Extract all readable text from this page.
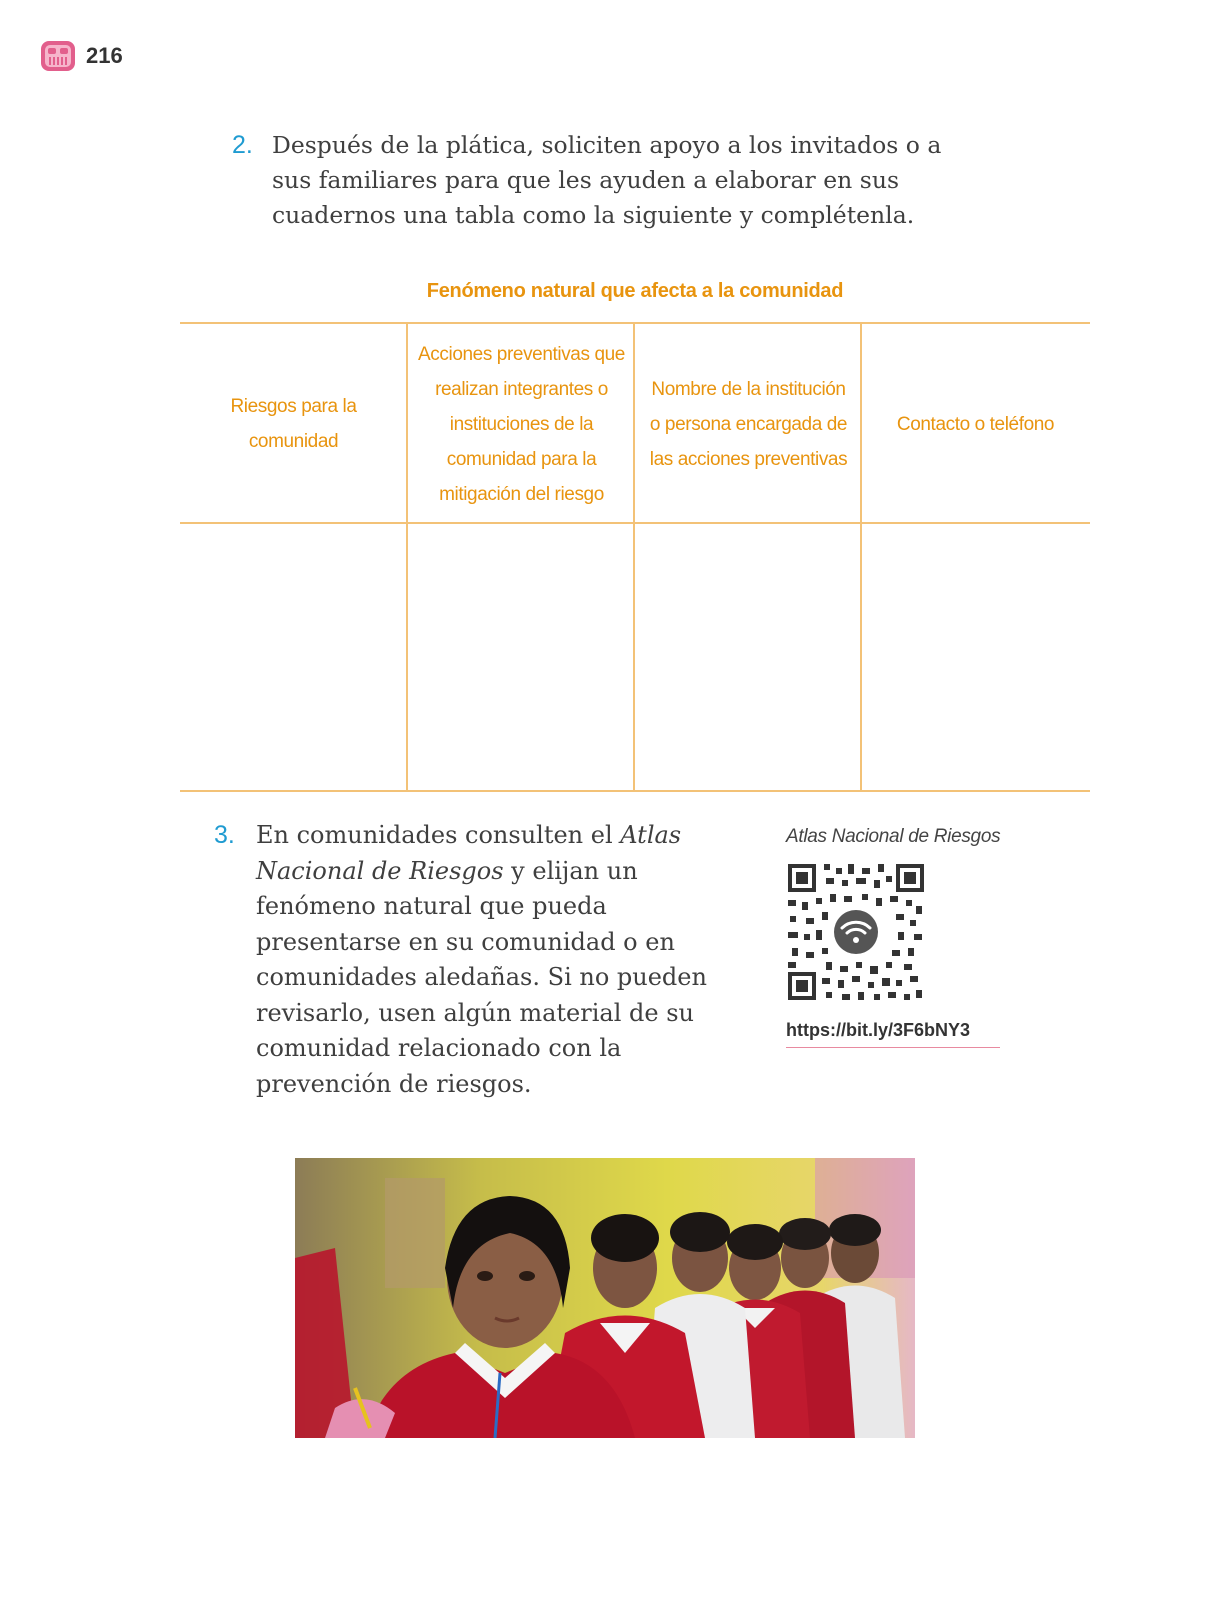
216
2. Después de la plática, soliciten apoyo a los invitados o a sus familiares para que les ayuden a elaborar en sus cuadernos una tabla como la siguiente y complétenla.
Fenómeno natural que afecta a la comunidad
Riesgos para la comunidad
Acciones preventivas que realizan integrantes o instituciones de la comunidad para la mitigación del riesgo
Nombre de la institución o persona encargada de las acciones preventivas
Contacto o teléfono
3. En comunidades consulten el Atlas Nacional de Riesgos y elijan un fenómeno natural que pueda presentarse en su comunidad o en comunidades aledañas. Si no pueden revisarlo, usen algún material de su comunidad relacionado con la prevención de riesgos.
Atlas Nacional de Riesgos
https://bit.ly/3F6bNY3
